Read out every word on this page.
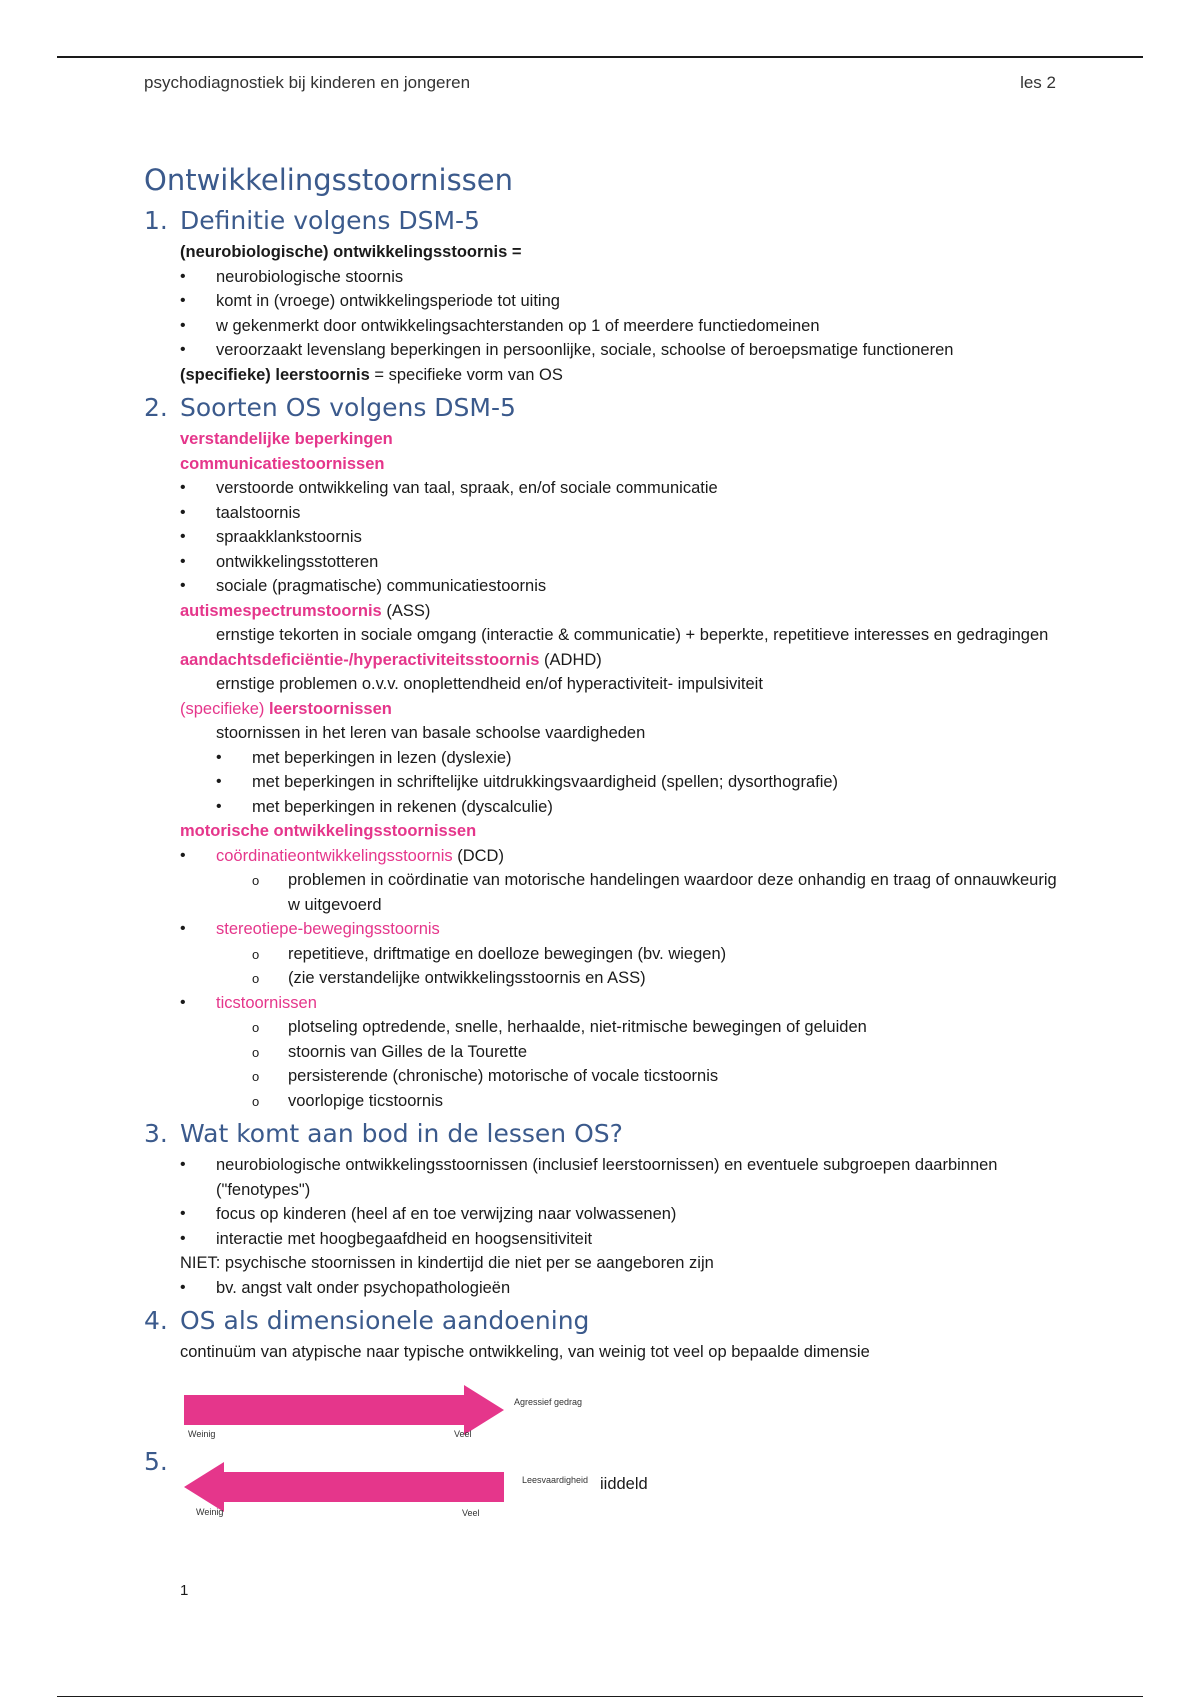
psychodiagnostiek bij kinderen en jongeren	les 2
Ontwikkelingsstoornissen
1. Definitie volgens DSM-5

(neurobiologische) ontwikkelingsstoornis =

• neurobiologische stoornis
• komt in (vroege) ontwikkelingsperiode tot uiting
• w gekenmerkt door ontwikkelingsachterstanden op 1 of meerdere functiedomeinen
• veroorzaakt levenslang beperkingen in persoonlijke, sociale, schoolse of beroepsmatige functioneren

(specifieke) leerstoornis = specifieke vorm van OS

2. Soorten OS volgens DSM-5

verstandelijke beperkingen

communicatiestoornissen

• verstoorde ontwikkeling van taal, spraak, en/of sociale communicatie
• taalstoornis
• spraakklankstoornis
• ontwikkelingsstotteren
• sociale (pragmatische) communicatiestoornis

autismespectrumstoornis (ASS)

ernstige tekorten in sociale omgang (interactie & communicatie) + beperkte, repetitieve interesses en gedragingen

aandachtsdeficiëntie-/hyperactiviteitsstoornis (ADHD)

ernstige problemen o.v.v. onoplettendheid en/of hyperactiviteit- impulsiviteit

(specifieke) leerstoornissen

stoornissen in het leren van basale schoolse vaardigheden

• met beperkingen in lezen (dyslexie)
• met beperkingen in schriftelijke uitdrukkingsvaardigheid (spellen; dysorthografie)
• met beperkingen in rekenen (dyscalculie)

motorische ontwikkelingsstoornissen

• coördinatieontwikkelingsstoornis (DCD)
o problemen in coördinatie van motorische handelingen waardoor deze onhandig en traag of onnauwkeurig w uitgevoerd
• stereotiepe-bewegingsstoornis
o repetitieve, driftmatige en doelloze bewegingen (bv. wiegen)
o (zie verstandelijke ontwikkelingsstoornis en ASS)
• ticstoornissen
o plotseling optredende, snelle, herhaalde, niet-ritmische bewegingen of geluiden
o stoornis van Gilles de la Tourette
o persisterende (chronische) motorische of vocale ticstoornis
o voorlopige ticstoornis
3. Wat komt aan bod in de lessen OS?
• neurobiologische ontwikkelingsstoornissen (inclusief leerstoornissen) en eventuele subgroepen daarbinnen ("fenotypes")
• focus op kinderen (heel af en toe verwijzing naar volwassenen)
• interactie met hoogbegaafdheid en hoogsensitiviteit

NIET: psychische stoornissen in kindertijd die niet per se aangeboren zijn

• bv. angst valt onder psychopathologieën
4. OS als dimensionele aandoening

continuüm van atypische naar typische ontwikkeling, van weinig tot veel op bepaalde dimensie

Agressief gedrag
Weinig	Veel
5.
Leesvaardigheid iiddeld
Weinig	Veel
1
